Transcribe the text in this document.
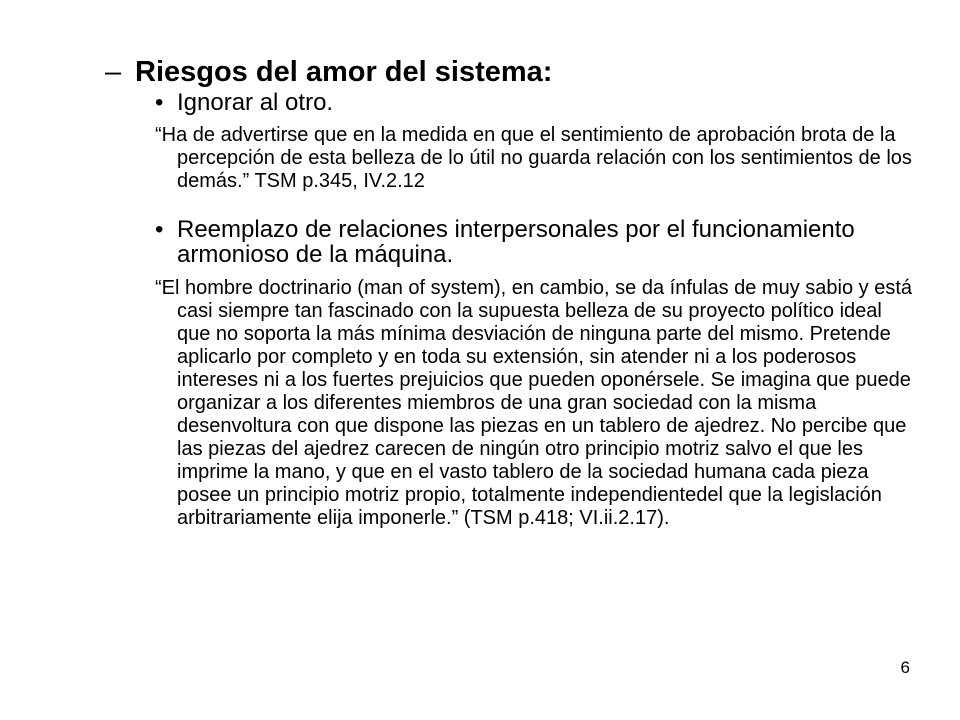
– Riesgos del amor del sistema:
• Ignorar al otro.

“Ha de advertirse que en la medida en que el sentimiento de aprobación brota de la percepción de esta belleza de lo útil no guarda relación con los sentimientos de los demás.” TSM p.345, IV.2.12

• Reemplazo de relaciones interpersonales por el funcionamiento armonioso de la máquina.

“El hombre doctrinario (man of system), en cambio, se da ínfulas de muy sabio y está casi siempre tan fascinado con la supuesta belleza de su proyecto político ideal que no soporta la más mínima desviación de ninguna parte del mismo. Pretende aplicarlo por completo y en toda su extensión, sin atender ni a los poderosos intereses ni a los fuertes prejuicios que pueden oponérsele. Se imagina que puede organizar a los diferentes miembros de una gran sociedad con la misma desenvoltura con que dispone las piezas en un tablero de ajedrez. No percibe que las piezas del ajedrez carecen de ningún otro principio motriz salvo el que les imprime la mano, y que en el vasto tablero de la sociedad humana cada pieza posee un principio motriz propio, totalmente independientedel que la legislación arbitrariamente elija imponerle.” (TSM p.418; VI.ii.2.17).

6
